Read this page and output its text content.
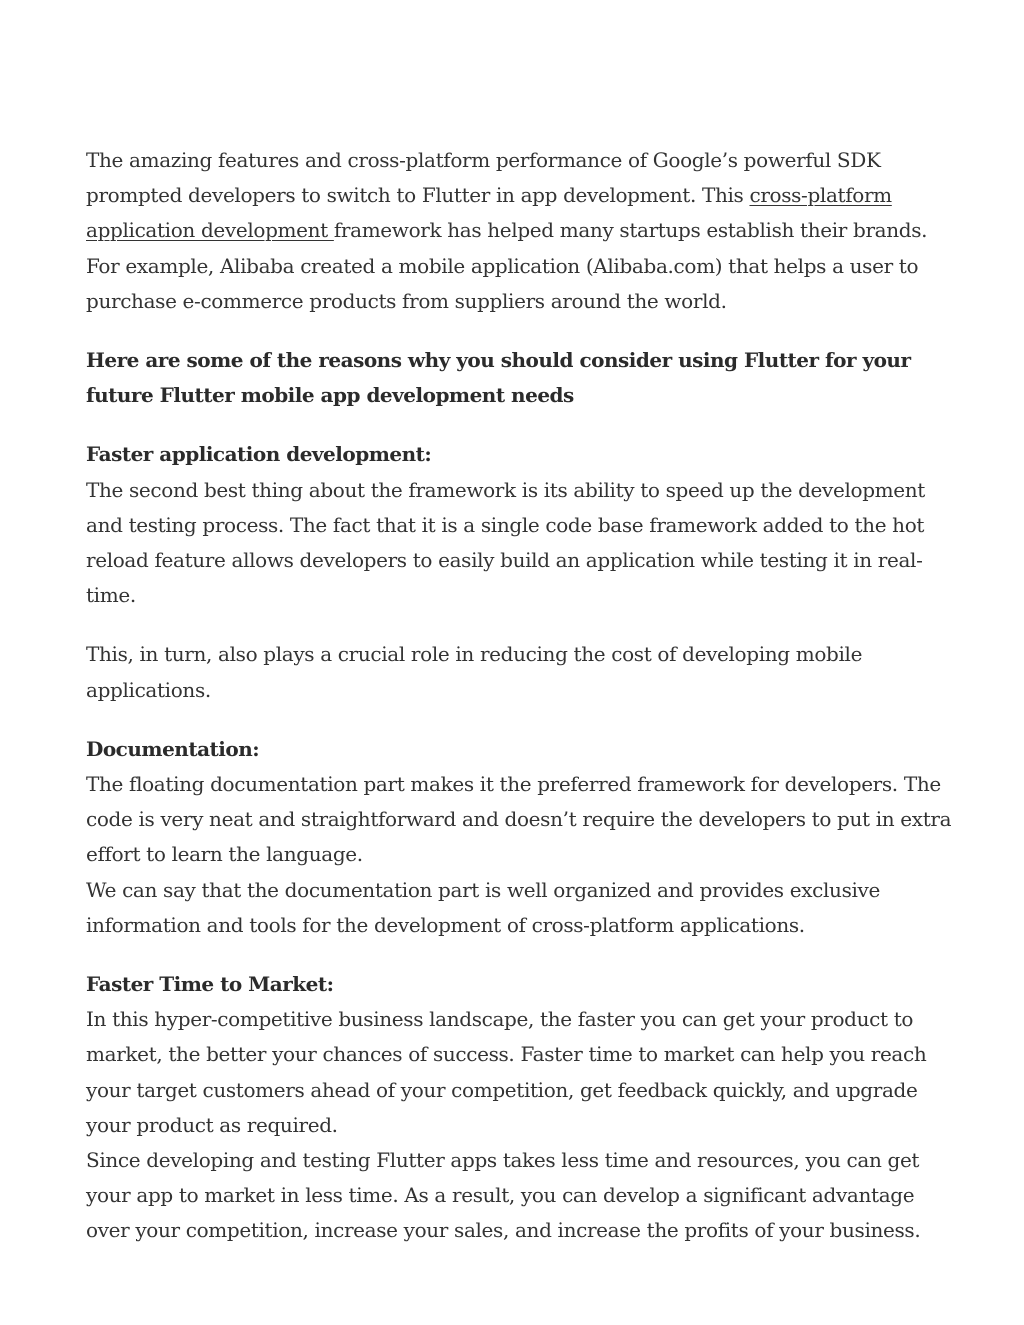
The amazing features and cross-platform performance of Google’s powerful SDK prompted developers to switch to Flutter in app development. This cross-platform application development framework has helped many startups establish their brands. For example, Alibaba created a mobile application (Alibaba.com) that helps a user to purchase e-commerce products from suppliers around the world.

Here are some of the reasons why you should consider using Flutter for your future Flutter mobile app development needs

Faster application development:
The second best thing about the framework is its ability to speed up the development and testing process. The fact that it is a single code base framework added to the hot reload feature allows developers to easily build an application while testing it in real-time.

This, in turn, also plays a crucial role in reducing the cost of developing mobile applications.

Documentation:
The floating documentation part makes it the preferred framework for developers. The code is very neat and straightforward and doesn’t require the developers to put in extra effort to learn the language.
We can say that the documentation part is well organized and provides exclusive information and tools for the development of cross-platform applications.

Faster Time to Market:
In this hyper-competitive business landscape, the faster you can get your product to market, the better your chances of success. Faster time to market can help you reach your target customers ahead of your competition, get feedback quickly, and upgrade your product as required.
Since developing and testing Flutter apps takes less time and resources, you can get your app to market in less time. As a result, you can develop a significant advantage over your competition, increase your sales, and increase the profits of your business.
